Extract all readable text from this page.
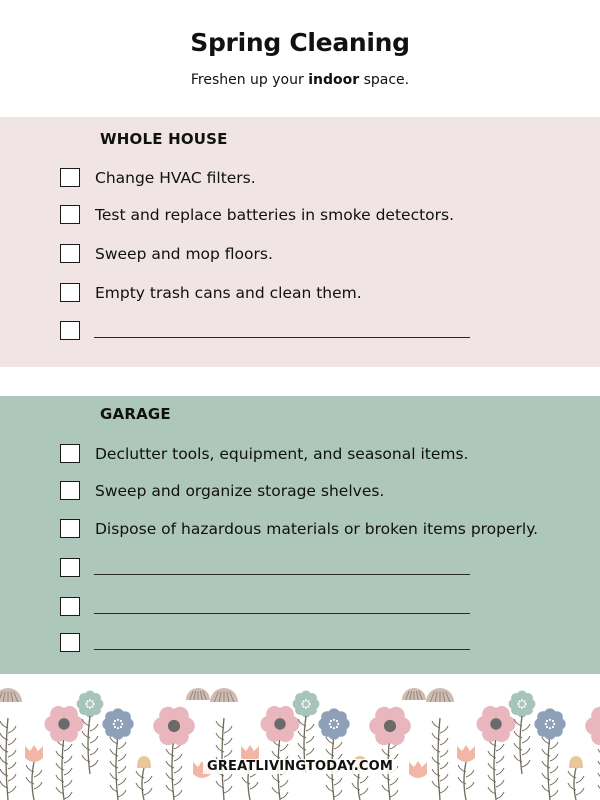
Spring Cleaning
Freshen up your indoor space.
WHOLE HOUSE
Change HVAC filters.
Test and replace batteries in smoke detectors.
Sweep and mop floors.
Empty trash cans and clean them.
GARAGE
Declutter tools, equipment, and seasonal items.
Sweep and organize storage shelves.
Dispose of hazardous materials or broken items properly.
GREATLIVINGTODAY.COM
